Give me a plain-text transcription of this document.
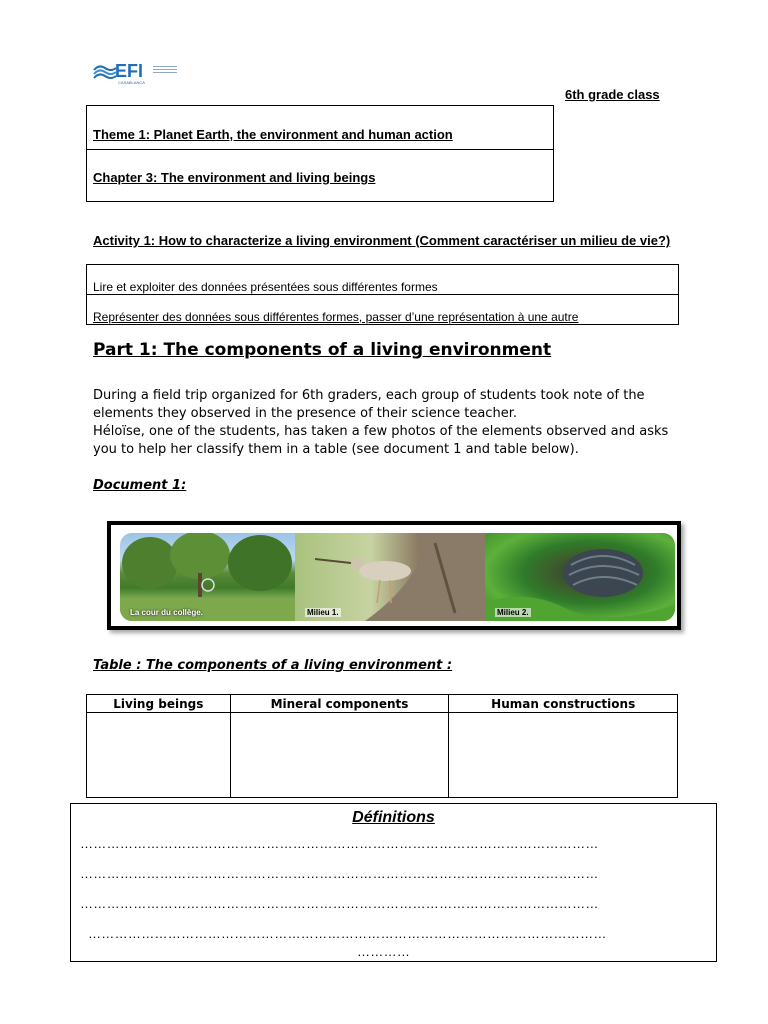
EFI
CASABLANCA
6th grade class
Theme 1: Planet Earth, the environment and human action
Chapter 3: The environment and living beings
Activity 1: How to characterize a living environment (Comment caractériser un milieu de vie?)
Lire et exploiter des données présentées sous différentes formes
Représenter des données sous différentes formes, passer d’une représentation à une autre
Part 1: The components of a living environment

During a field trip organized for 6th graders, each group of students took note of the elements they observed in the presence of their science teacher.

Héloïse, one of the students, has taken a few photos of the elements observed and asks you to help her classify them in a table (see document 1 and table below).

Document 1:
La cour du collège.	Milieu 1.	Milieu 2.
Table : The components of a living environment :
Living beings	Mineral components	Human constructions

Définitions
………………………………………………………………………………………………………
………………………………………………………………………………………………………
………………………………………………………………………………………………………
………………………………………………………………………………………………………
…………
